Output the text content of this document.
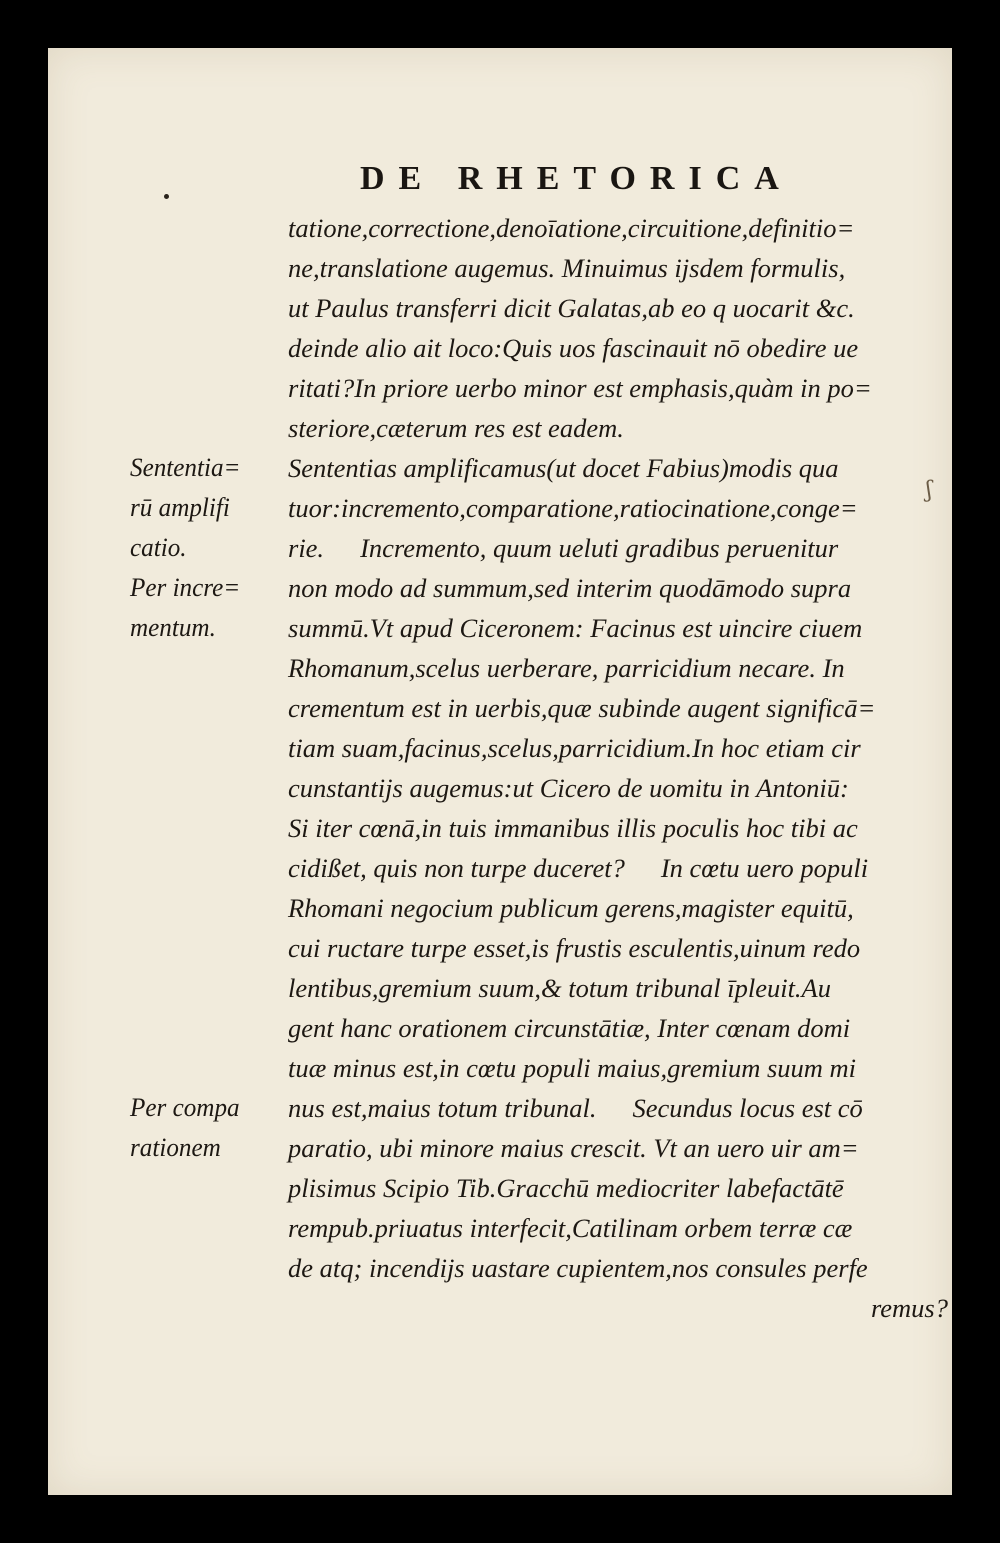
DE RHETORICA
tatione,correctione,denoīatione,circuitione,definitio=
ne,translatione augemus. Minuimus ijsdem formulis,
ut Paulus transferri dicit Galatas,ab eo q uocarit &c.
deinde alio ait loco:Quis uos fascinauit nō obedire ue
ritati?In priore uerbo minor est emphasis,quàm in po=
steriore,cæterum res est eadem.
Sententias amplificamus(ut docet Fabius)modis qua
tuor:incremento,comparatione,ratiocinatione,conge=
rie. Incremento, quum ueluti gradibus peruenitur
non modo ad summum,sed interim quodāmodo supra
summū.Vt apud Ciceronem: Facinus est uincire ciuem
Rhomanum,scelus uerberare, parricidium necare. In
crementum est in uerbis,quæ subinde augent significā=
tiam suam,facinus,scelus,parricidium.In hoc etiam cir
cunstantijs augemus:ut Cicero de uomitu in Antoniū:
Si iter cœnā,in tuis immanibus illis poculis hoc tibi ac
cidißet, quis non turpe duceret? In cœtu uero populi
Rhomani negocium publicum gerens,magister equitū,
cui ructare turpe esset,is frustis esculentis,uinum redo
lentibus,gremium suum,& totum tribunal īpleuit.Au
gent hanc orationem circunstātiæ, Inter cœnam domi
tuæ minus est,in cœtu populi maius,gremium suum mi
nus est,maius totum tribunal. Secundus locus est cō
paratio, ubi minore maius crescit. Vt an uero uir am=
plisimus Scipio Tib.Gracchū mediocriter labefactātē
rempub.priuatus interfecit,Catilinam orbem terræ cæ
de atq; incendijs uastare cupientem,nos consules perfe
remus?
Sententia=
rū amplifi
catio.
Per incre=
mentum.
Per compa
rationem
ʃ
